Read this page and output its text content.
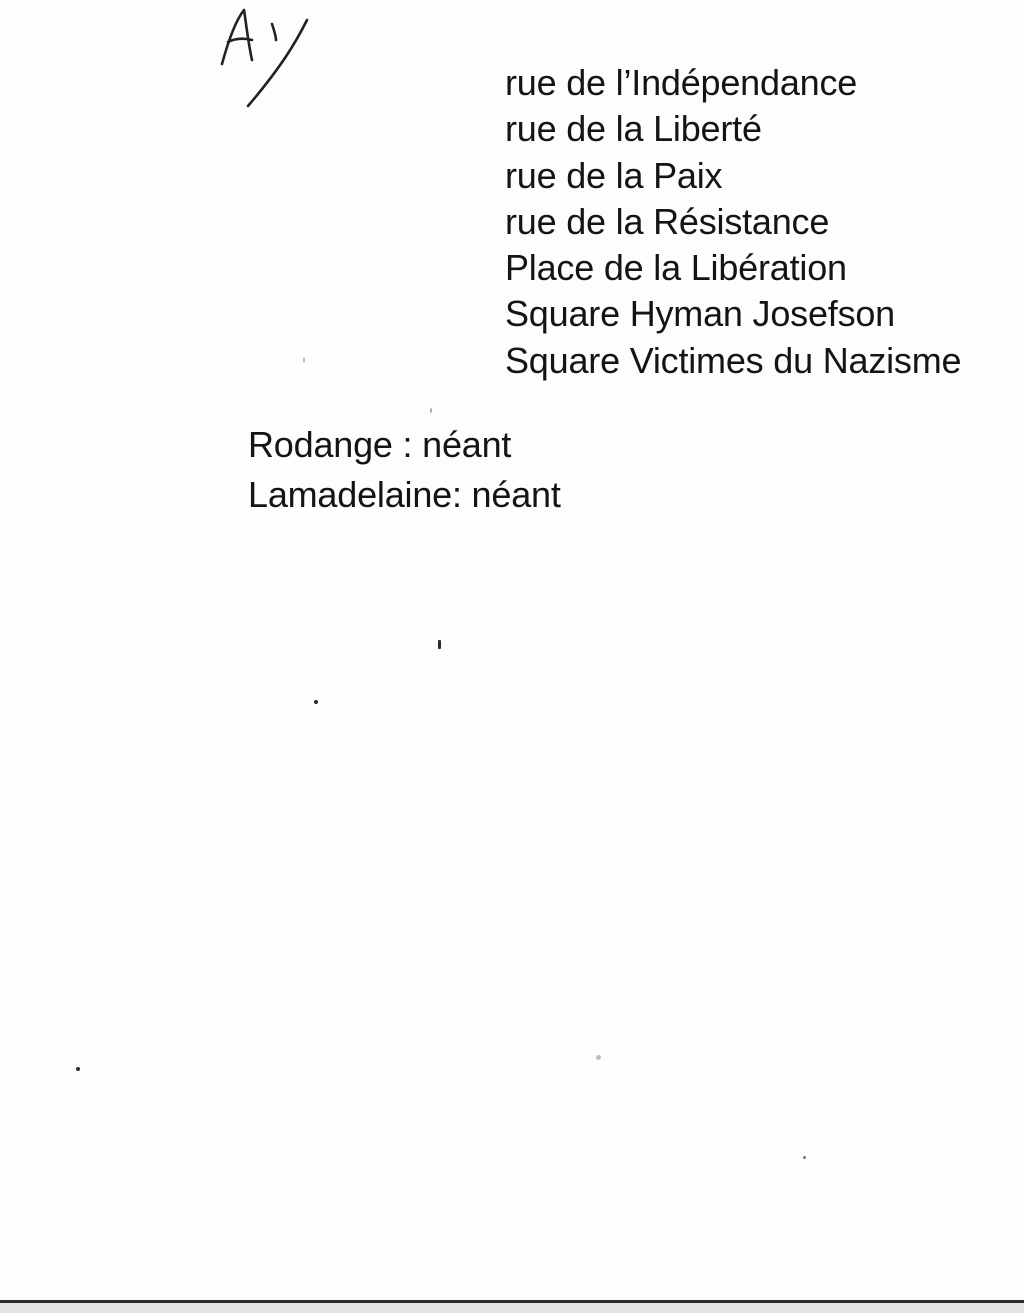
rue de l’Indépendance
rue de la Liberté
rue de la Paix
rue de la Résistance
Place de la Libération
Square Hyman Josefson
Square Victimes du Nazisme
Rodange : néant
Lamadelaine: néant
